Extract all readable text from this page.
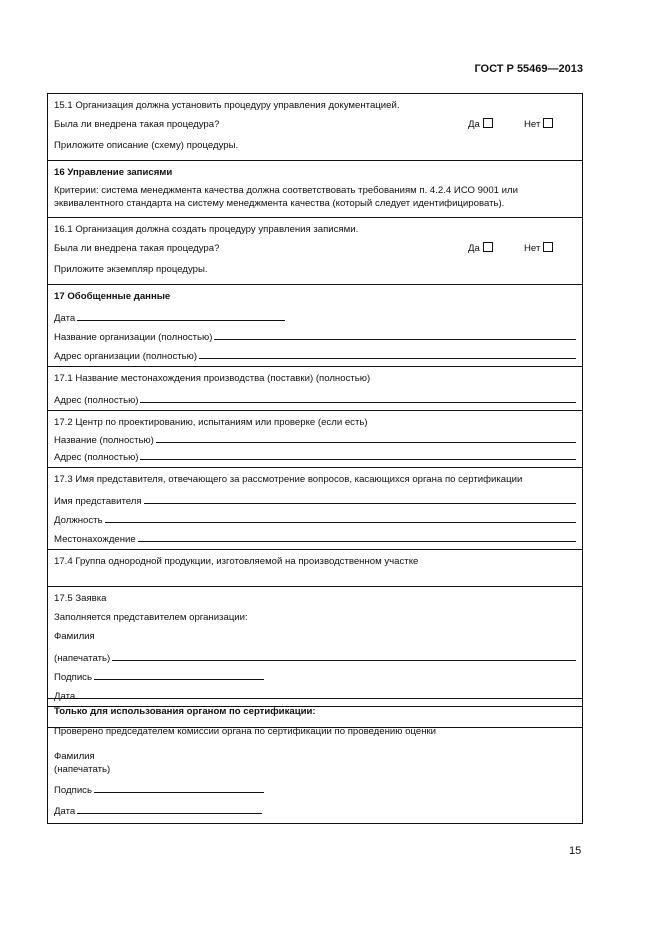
ГОСТ Р 55469—2013
15.1 Организация должна установить процедуру управления документацией.
Была ли внедрена такая процедура?	Да	Нет
Приложите описание (схему) процедуры.
16 Управление записями
Критерии: система менеджмента качества должна соответствовать требованиям п. 4.2.4 ИСО 9001 или эквивалентного стандарта на систему менеджмента качества (который следует идентифицировать).
16.1 Организация должна создать процедуру управления записями.
Была ли внедрена такая процедура?	Да	Нет
Приложите экземпляр процедуры.
17 Обобщенные данные
Дата
Название организации (полностью)
Адрес организации (полностью)
17.1 Название местонахождения производства (поставки) (полностью)
Адрес (полностью)
17.2 Центр по проектированию, испытаниям или проверке (если есть)
Название (полностью)
Адрес (полностью)
17.3 Имя представителя, отвечающего за рассмотрение вопросов, касающихся органа по сертификации
Имя представителя
Должность
Местонахождение
17.4 Группа однородной продукции, изготовляемой на производственном участке
17.5 Заявка
Заполняется представителем организации:
Фамилия
(напечатать)
Подпись
Дата
Только для использования органом по сертификации:
Проверено председателем комиссии органа по сертификации по проведению оценки
Фамилия
(напечатать)
Подпись
Дата
15
